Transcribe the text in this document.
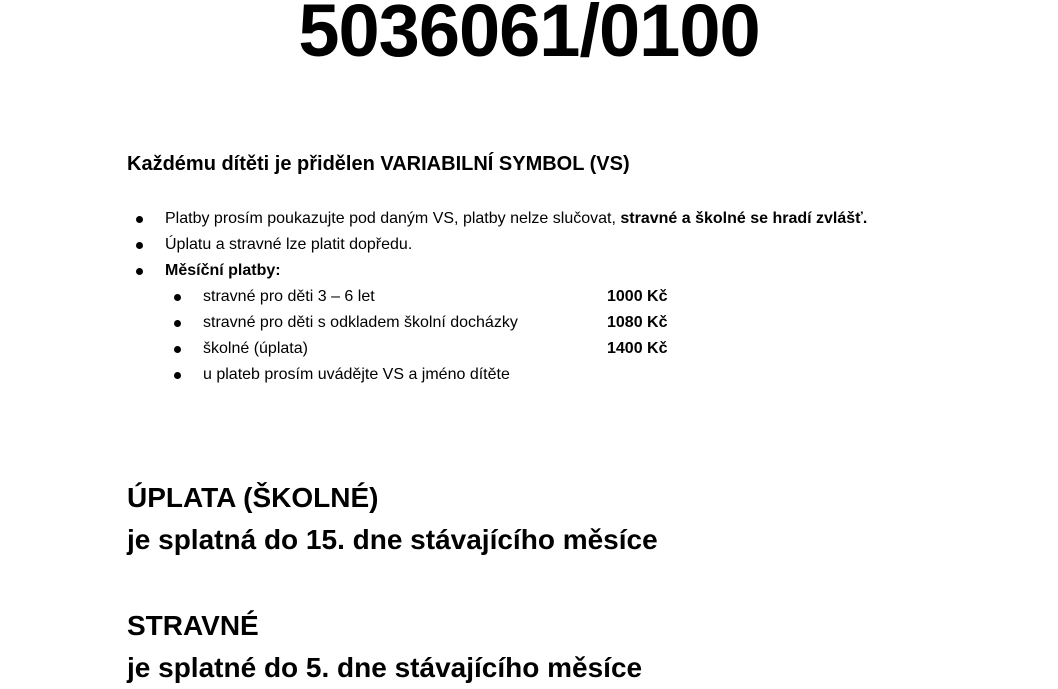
5036061/0100
Každému dítěti je přidělen VARIABILNÍ SYMBOL (VS)
Platby prosím poukazujte pod daným VS, platby nelze slučovat, stravné a školné se hradí zvlášť.
Úplatu a stravné lze platit dopředu.
Měsíční platby:
stravné pro děti 3 – 6 let	1000 Kč
stravné pro děti s odkladem školní docházky	1080 Kč
školné (úplata)	1400 Kč
u plateb prosím uvádějte VS a jméno dítěte
ÚPLATA (ŠKOLNÉ)
je splatná do 15. dne stávajícího měsíce
STRAVNÉ
je splatné do 5. dne stávajícího měsíce
